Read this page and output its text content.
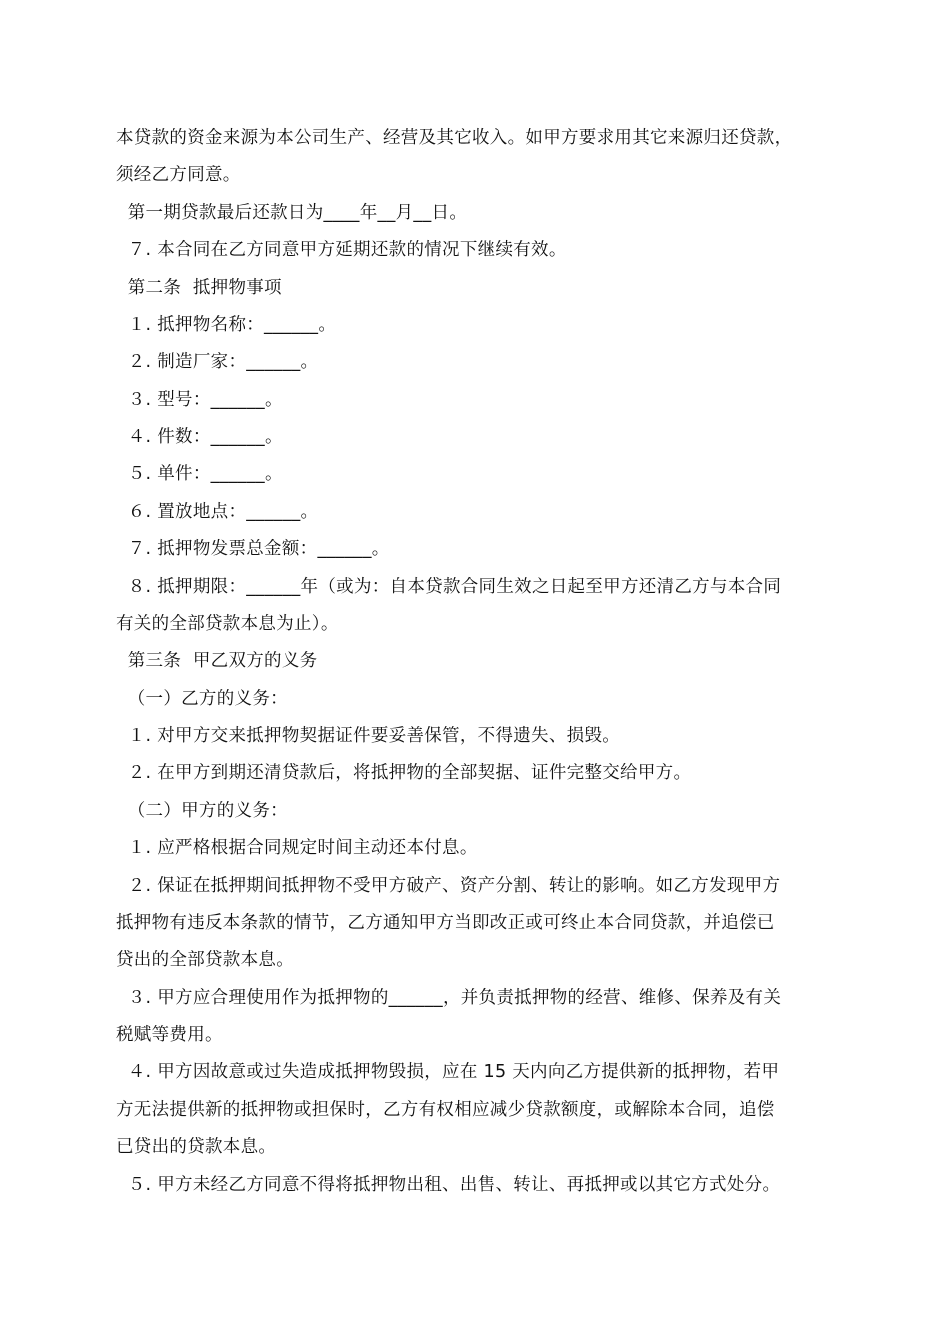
本贷款的资金来源为本公司生产、经营及其它收入。如甲方要求用其它来源归还贷款，
须经乙方同意。
第一期贷款最后还款日为____年__月__日。
７. 本合同在乙方同意甲方延期还款的情况下继续有效。
第二条  抵押物事项
１. 抵押物名称：______。
２. 制造厂家：______。
３. 型号：______。
４. 件数：______。
５. 单件：______。
６. 置放地点：______。
７. 抵押物发票总金额：______。
８. 抵押期限：______年（或为：自本贷款合同生效之日起至甲方还清乙方与本合同
有关的全部贷款本息为止）。
第三条  甲乙双方的义务
（一）乙方的义务：
１. 对甲方交来抵押物契据证件要妥善保管，不得遗失、损毁。
２. 在甲方到期还清贷款后，将抵押物的全部契据、证件完整交给甲方。
（二）甲方的义务：
１. 应严格根据合同规定时间主动还本付息。
２. 保证在抵押期间抵押物不受甲方破产、资产分割、转让的影响。如乙方发现甲方
抵押物有违反本条款的情节，乙方通知甲方当即改正或可终止本合同贷款，并追偿已
贷出的全部贷款本息。
３. 甲方应合理使用作为抵押物的______，并负责抵押物的经营、维修、保养及有关
税赋等费用。
４. 甲方因故意或过失造成抵押物毁损，应在 15 天内向乙方提供新的抵押物，若甲
方无法提供新的抵押物或担保时，乙方有权相应减少贷款额度，或解除本合同，追偿
已贷出的贷款本息。
５. 甲方未经乙方同意不得将抵押物出租、出售、转让、再抵押或以其它方式处分。
